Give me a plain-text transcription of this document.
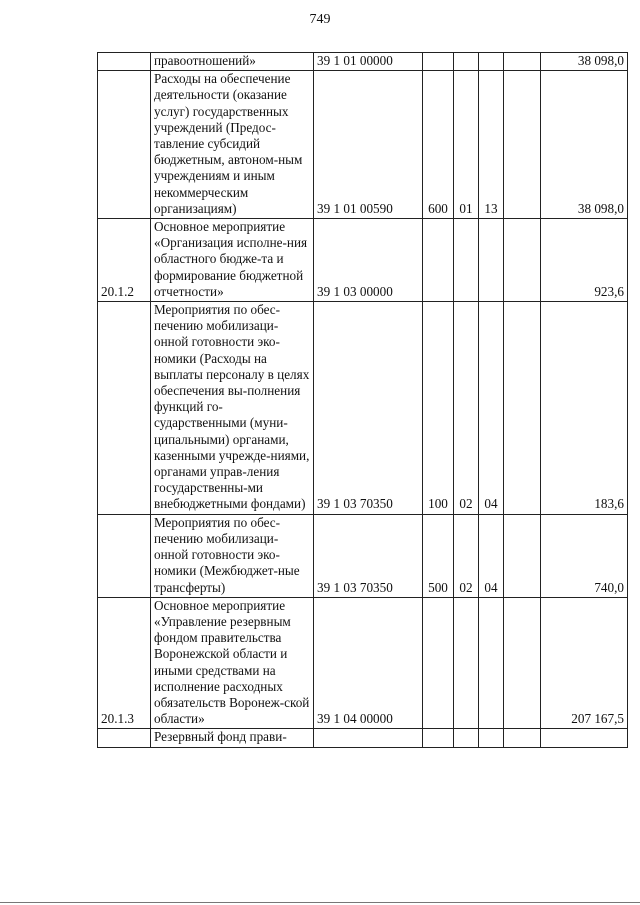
749
	правоотношений»	39 1 01 00000					38 098,0
	Расходы на обеспечение деятельности (оказание услуг) государственных учреждений (Предос-тавление субсидий бюджетным, автоном-ным учреждениям и иным некоммерческим организациям)	39 1 01 00590	600	01	13		38 098,0
20.1.2	Основное мероприятие «Организация исполне-ния областного бюдже-та и формирование бюджетной отчетности»	39 1 03 00000					923,6
	Мероприятия по обес-печению мобилизаци-онной готовности эко-номики (Расходы на выплаты персоналу в целях обеспечения вы-полнения функций го-сударственными (муни-ципальными) органами, казенными учрежде-ниями, органами управ-ления государственны-ми внебюджетными фондами)	39 1 03 70350	100	02	04		183,6
	Мероприятия по обес-печению мобилизаци-онной готовности эко-номики (Межбюджет-ные трансферты)	39 1 03 70350	500	02	04		740,0
20.1.3	Основное мероприятие «Управление резервным фондом правительства Воронежской области и иными средствами на исполнение расходных обязательств Воронеж-ской области»	39 1 04 00000					207 167,5
	Резервный фонд прави-						
